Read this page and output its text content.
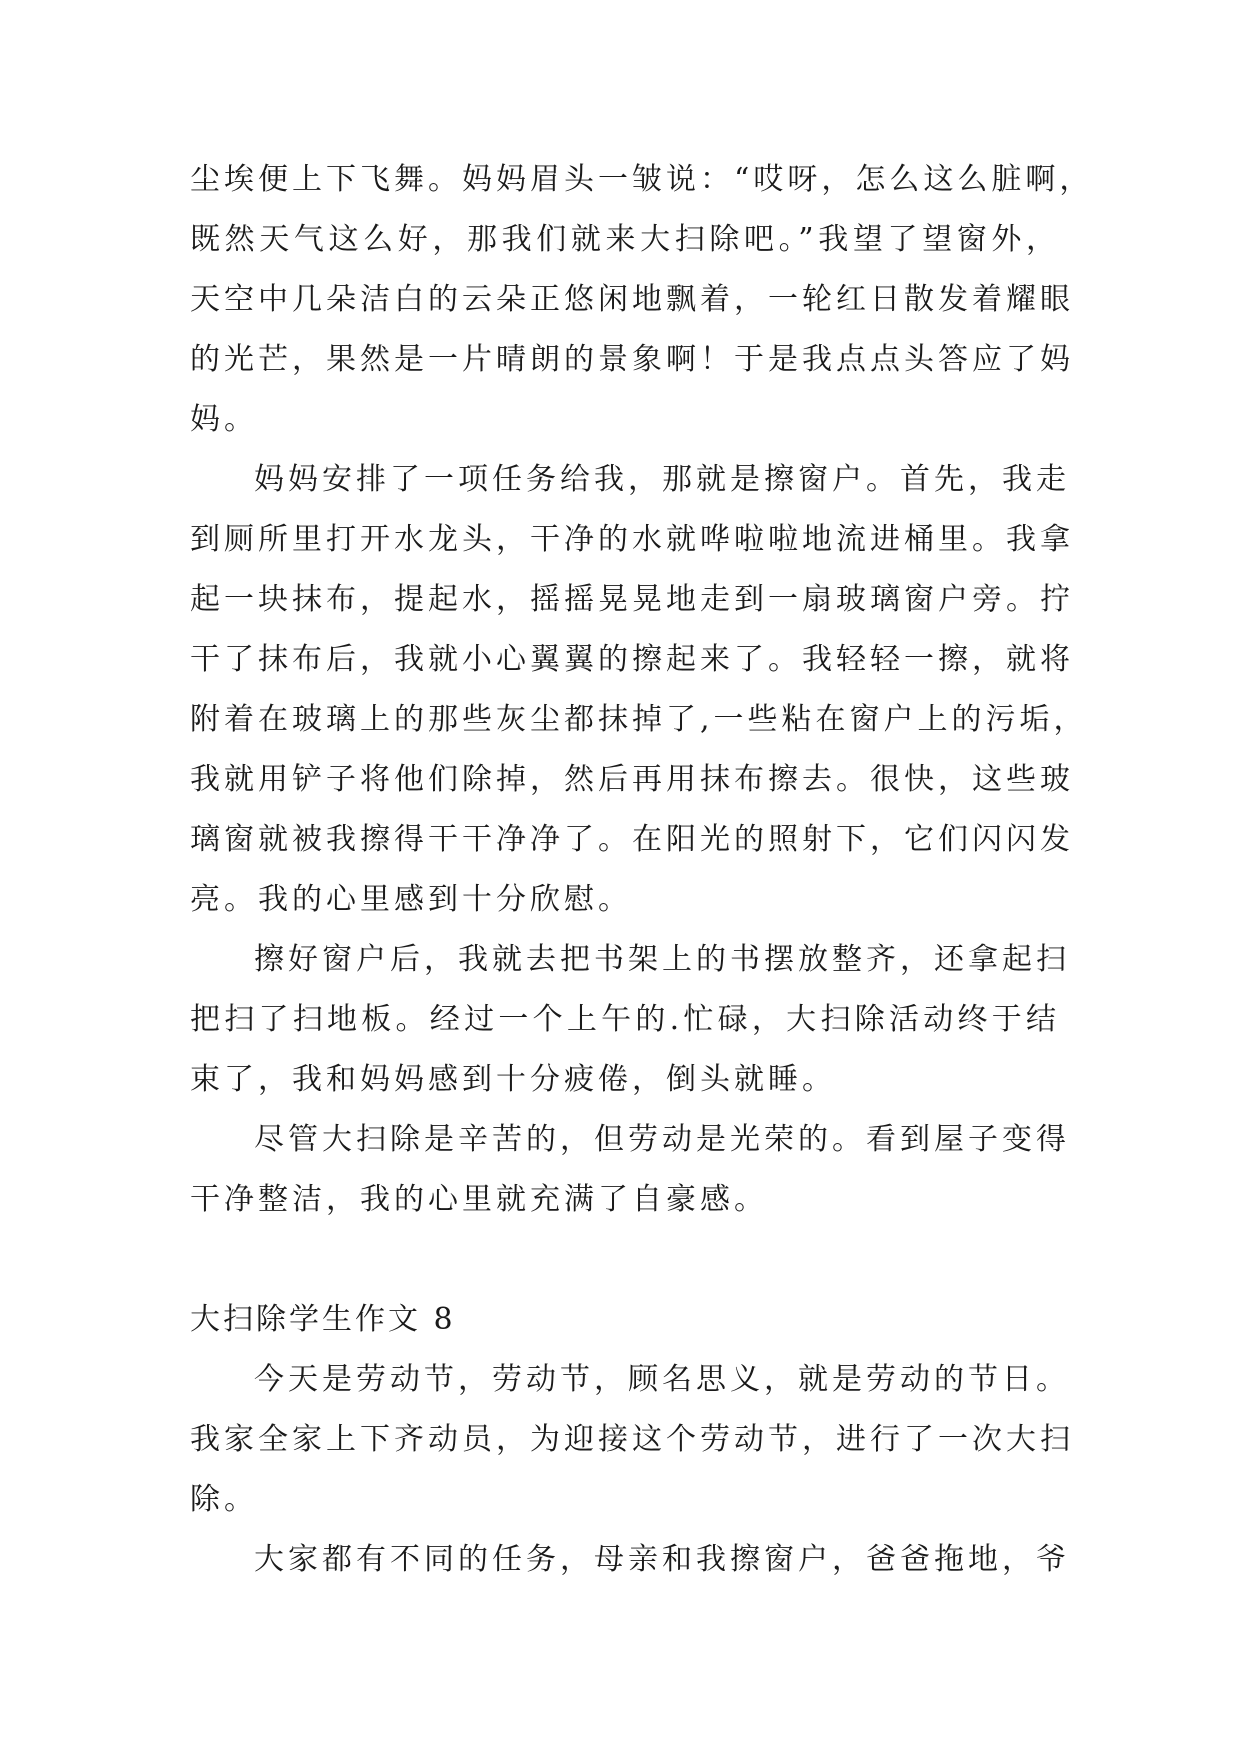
尘埃便上下飞舞。妈妈眉头一皱说：“哎呀，怎么这么脏啊，
既然天气这么好，那我们就来大扫除吧。”我望了望窗外，
天空中几朵洁白的云朵正悠闲地飘着，一轮红日散发着耀眼
的光芒，果然是一片晴朗的景象啊！于是我点点头答应了妈
妈。
妈妈安排了一项任务给我，那就是擦窗户。首先，我走
到厕所里打开水龙头，干净的水就哗啦啦地流进桶里。我拿
起一块抹布，提起水，摇摇晃晃地走到一扇玻璃窗户旁。拧
干了抹布后，我就小心翼翼的擦起来了。我轻轻一擦，就将
附着在玻璃上的那些灰尘都抹掉了,一些粘在窗户上的污垢，
我就用铲子将他们除掉，然后再用抹布擦去。很快，这些玻
璃窗就被我擦得干干净净了。在阳光的照射下，它们闪闪发
亮。我的心里感到十分欣慰。
擦好窗户后，我就去把书架上的书摆放整齐，还拿起扫
把扫了扫地板。经过一个上午的.忙碌，大扫除活动终于结
束了，我和妈妈感到十分疲倦，倒头就睡。
尽管大扫除是辛苦的，但劳动是光荣的。看到屋子变得
干净整洁，我的心里就充满了自豪感。
大扫除学生作文 8
今天是劳动节，劳动节，顾名思义，就是劳动的节日。
我家全家上下齐动员，为迎接这个劳动节，进行了一次大扫
除。
大家都有不同的任务，母亲和我擦窗户，爸爸拖地，爷
